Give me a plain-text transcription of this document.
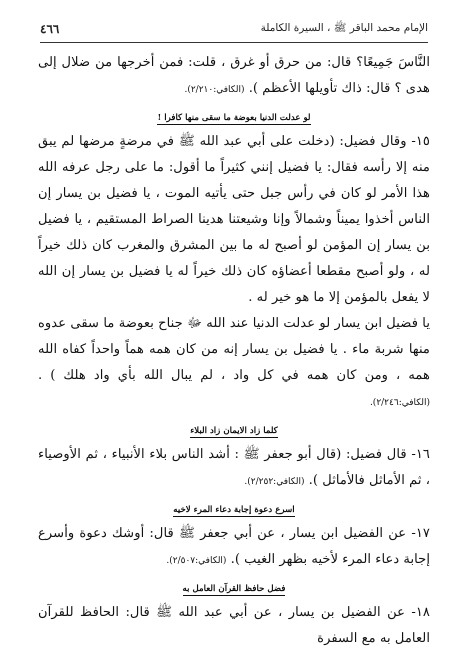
٤٦٦	الإمام محمد الباقر ﷺ ، السيرة الكاملة

النَّاسَ جَمِيعًا؟ قال: من حرق أو غرق ، قلت: فمن أخرجها من ضلال إلى هدى ؟ قال: ذاك تأويلها الأعظم ). (الكافي:٢/٢١٠).

لو عدلت الدنيا بعوضة ما سقى منها كافرا !

١٥- وقال فضيل: (دخلت على أبي عبد الله ﷺ في مرضةٍ مرضها لم يبق منه إلا رأسه فقال: يا فضيل إنني كثيراً ما أقول: ما على رجل عرفه الله هذا الأمر لو كان في رأس جبل حتى يأتيه الموت ، يا فضيل بن يسار إن الناس أخذوا يميناً وشمالاً وإنا وشيعتنا هدينا الصراط المستقيم ، يا فضيل بن يسار إن المؤمن لو أصبح له ما بين المشرق والمغرب كان ذلك خيراً له ، ولو أصبح مقطعا أعضاؤه كان ذلك خيراً له يا فضيل بن يسار إن الله لا يفعل بالمؤمن إلا ما هو خير له .

يا فضيل ابن يسار لو عدلت الدنيا عند الله ﷻ جناح بعوضة ما سقى عدوه منها شربة ماء . يا فضيل بن يسار إنه من كان همه هماً واحداً كفاه الله همه ، ومن كان همه في كل واد ، لم يبال الله بأي واد هلك ) . (الكافي:٢/٢٤٦).

كلما زاد الايمان زاد البلاء

١٦- قال فضيل: (قال أبو جعفر ﷺ : أشد الناس بلاء الأنبياء ، ثم الأوصياء ، ثم الأماثل فالأماثل ). (الكافي:٢/٢٥٢).

اسرع دعوة إجابة دعاء المرء لاخيه

١٧- عن الفضيل ابن يسار ، عن أبي جعفر ﷺ قال: أوشك دعوة وأسرع إجابة دعاء المرء لأخيه بظهر الغيب ). (الكافي:٢/٥٠٧).

فضل حافظ القرآن العامل به

١٨- عن الفضيل بن يسار ، عن أبي عبد الله ﷺ قال: الحافظ للقرآن العامل به مع السفرة
